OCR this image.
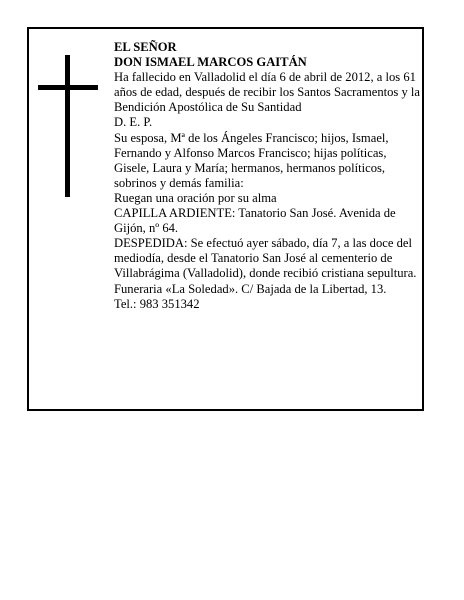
EL SEÑOR

DON ISMAEL MARCOS GAITÁN

Ha fallecido en Valladolid el día 6 de abril de 2012, a los 61 años de edad, después de recibir los Santos Sacramentos y la Bendición Apostólica de Su Santidad

D. E. P.

Su esposa, Mª de los Ángeles Francisco; hijos, Ismael, Fernando y Alfonso Marcos Francisco; hijas políticas, Gisele, Laura y María; hermanos, hermanos políticos, sobrinos y demás familia:

Ruegan una oración por su alma

CAPILLA ARDIENTE: Tanatorio San José. Avenida de Gijón, nº 64.

DESPEDIDA: Se efectuó ayer sábado, día 7, a las doce del mediodía, desde el Tanatorio San José al cementerio de Villabrágima (Valladolid), donde recibió cristiana sepultura.

Funeraria «La Soledad». C/ Bajada de la Libertad, 13.

Tel.: 983 351342
